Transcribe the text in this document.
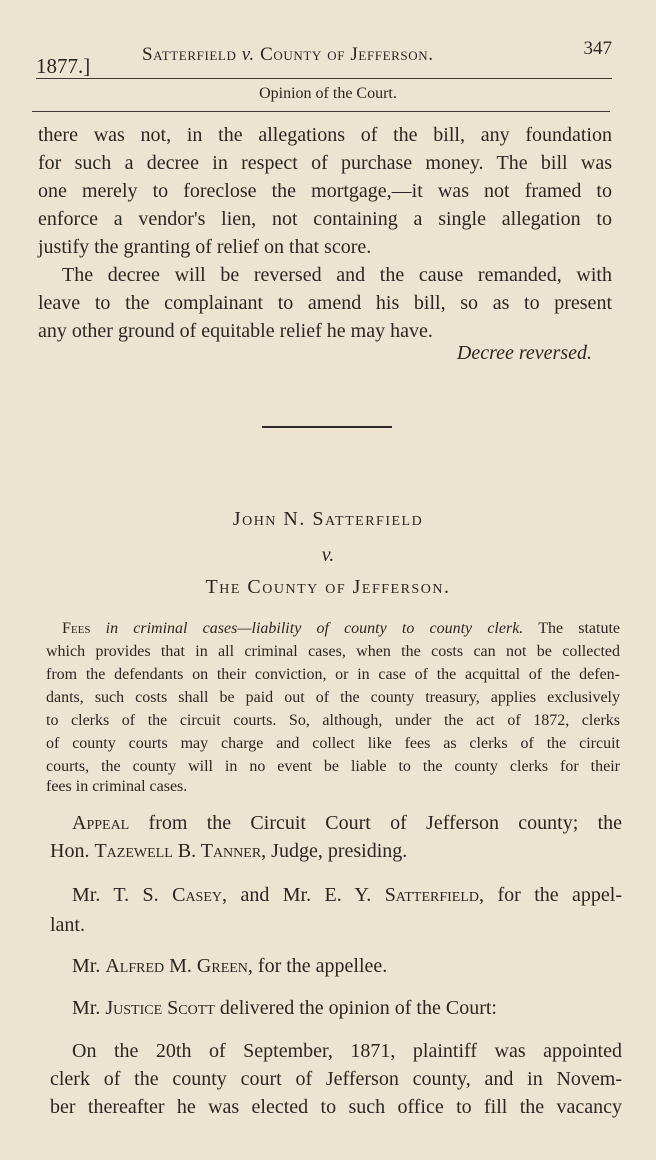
1877.]	Satterfield v. County of Jefferson.	347
Opinion of the Court.
there was not, in the allegations of the bill, any foundation
for such a decree in respect of purchase money. The bill was
one merely to foreclose the mortgage,—it was not framed to
enforce a vendor's lien, not containing a single allegation to
justify the granting of relief on that score.
The decree will be reversed and the cause remanded, with
leave to the complainant to amend his bill, so as to present
any other ground of equitable relief he may have.
Decree reversed.
John N. Satterfield
v.
The County of Jefferson.
Fees in criminal cases—liability of county to county clerk. The statute
which provides that in all criminal cases, when the costs can not be collected
from the defendants on their conviction, or in case of the acquittal of the defen-
dants, such costs shall be paid out of the county treasury, applies exclusively
to clerks of the circuit courts. So, although, under the act of 1872, clerks
of county courts may charge and collect like fees as clerks of the circuit
courts, the county will in no event be liable to the county clerks for their
fees in criminal cases.
Appeal from the Circuit Court of Jefferson county; the
Hon. Tazewell B. Tanner, Judge, presiding.
Mr. T. S. Casey, and Mr. E. Y. Satterfield, for the appel-
lant.
Mr. Alfred M. Green, for the appellee.
Mr. Justice Scott delivered the opinion of the Court:
On the 20th of September, 1871, plaintiff was appointed
clerk of the county court of Jefferson county, and in Novem-
ber thereafter he was elected to such office to fill the vacancy
